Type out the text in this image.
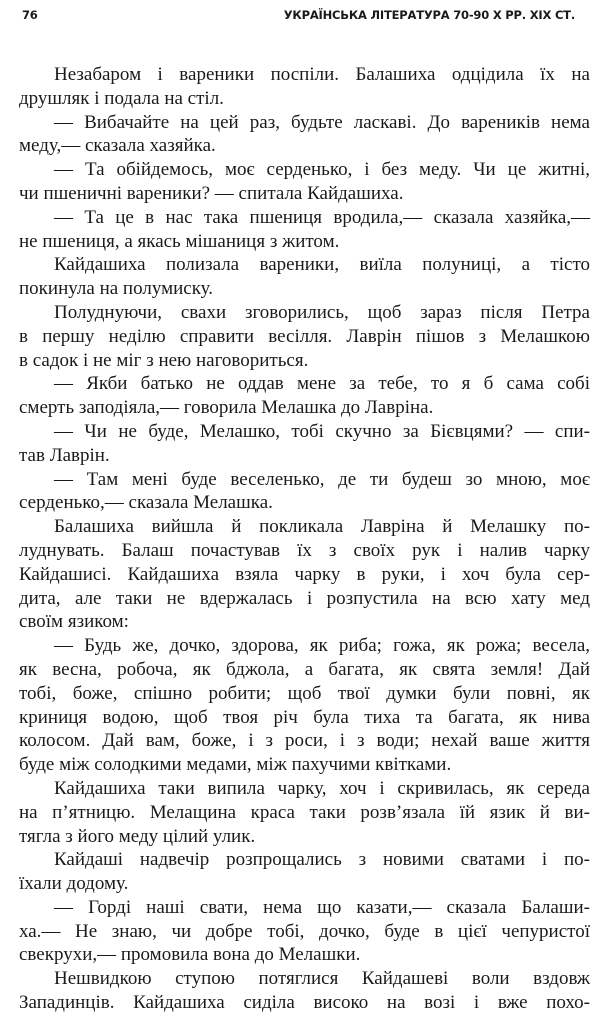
76	УКРАЇНСЬКА ЛІТЕРАТУРА 70-90 Х РР. XIX СТ.
Незабаром і вареники поспіли. Балашиха одцідила їх на
друшляк і подала на стіл.
— Вибачайте на цей раз, будьте ласкаві. До вареників нема
меду,— сказала хазяйка.
— Та обійдемось, моє серденько, і без меду. Чи це житні,
чи пшеничні вареники? — спитала Кайдашиха.
— Та це в нас така пшениця вродила,— сказала хазяйка,—
не пшениця, а якась мішаниця з житом.
Кайдашиха полизала вареники, виїла полуниці, а тісто
покинула на полумиску.
Полуднуючи, свахи зговорились, щоб зараз після Петра
в першу неділю справити весілля. Лаврін пішов з Мелашкою
в садок і не міг з нею наговориться.
— Якби батько не оддав мене за тебе, то я б сама собі
смерть заподіяла,— говорила Мелашка до Лавріна.
— Чи не буде, Мелашко, тобі скучно за Бієвцями? — спи-
тав Лаврін.
— Там мені буде веселенько, де ти будеш зо мною, моє
серденько,— сказала Мелашка.
Балашиха вийшла й покликала Лавріна й Мелашку по-
луднувать. Балаш почастував їх з своїх рук і налив чарку
Кайдашисі. Кайдашиха взяла чарку в руки, і хоч була сер-
дита, але таки не вдержалась і розпустила на всю хату мед
своїм язиком:
— Будь же, дочко, здорова, як риба; гожа, як рожа; весела,
як весна, робоча, як бджола, а багата, як свята земля! Дай
тобі, боже, спішно робити; щоб твої думки були повні, як
криниця водою, щоб твоя річ була тиха та багата, як нива
колосом. Дай вам, боже, і з роси, і з води; нехай ваше життя
буде між солодкими медами, між пахучими квітками.
Кайдашиха таки випила чарку, хоч і скривилась, як середа
на п’ятницю. Мелащина краса таки розв’язала їй язик й ви-
тягла з його меду цілий улик.
Кайдаші надвечір розпрощались з новими сватами і по-
їхали додому.
— Горді наші свати, нема що казати,— сказала Балаши-
ха.— Не знаю, чи добре тобі, дочко, буде в цієї чепуристої
свекрухи,— промовила вона до Мелашки.
Нешвидкою ступою потяглися Кайдашеві воли вздовж
Западинців. Кайдашиха сиділа високо на возі і вже похо-
